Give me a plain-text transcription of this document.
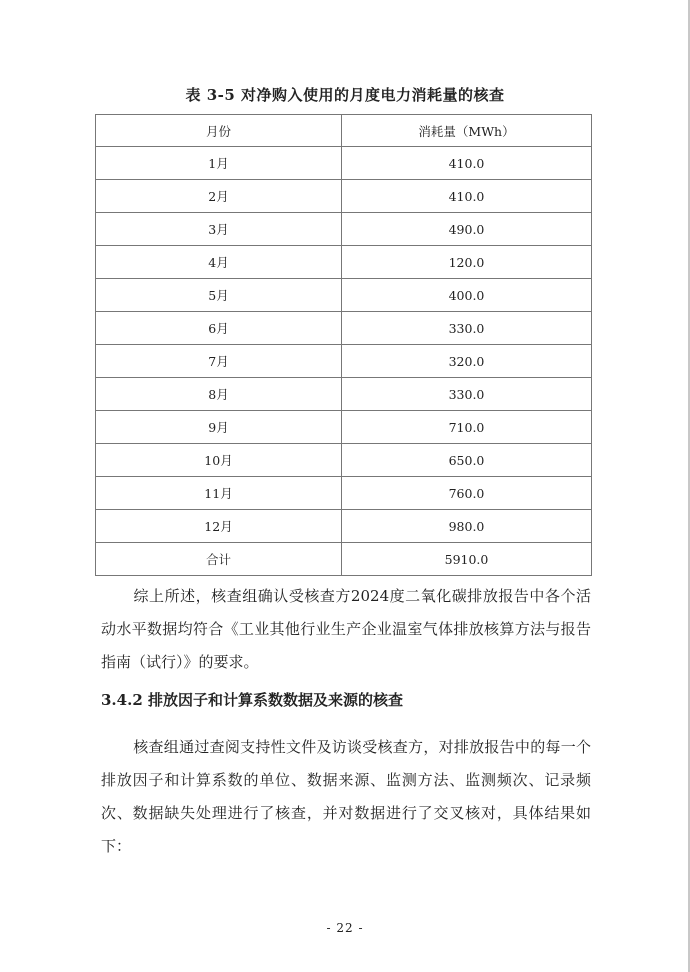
表 3-5 对净购入使用的月度电力消耗量的核查
月份	消耗量（MWh）
1月	410.0
2月	410.0
3月	490.0
4月	120.0
5月	400.0
6月	330.0
7月	320.0
8月	330.0
9月	710.0
10月	650.0
11月	760.0
12月	980.0
合计	5910.0
综上所述，核查组确认受核查方2024度二氧化碳排放报告中各个活动水平数据均符合《工业其他行业生产企业温室气体排放核算方法与报告指南（试行）》的要求。
3.4.2 排放因子和计算系数数据及来源的核查
核查组通过查阅支持性文件及访谈受核查方，对排放报告中的每一个排放因子和计算系数的单位、数据来源、监测方法、监测频次、记录频次、数据缺失处理进行了核查，并对数据进行了交叉核对，具体结果如下：
- 22 -
